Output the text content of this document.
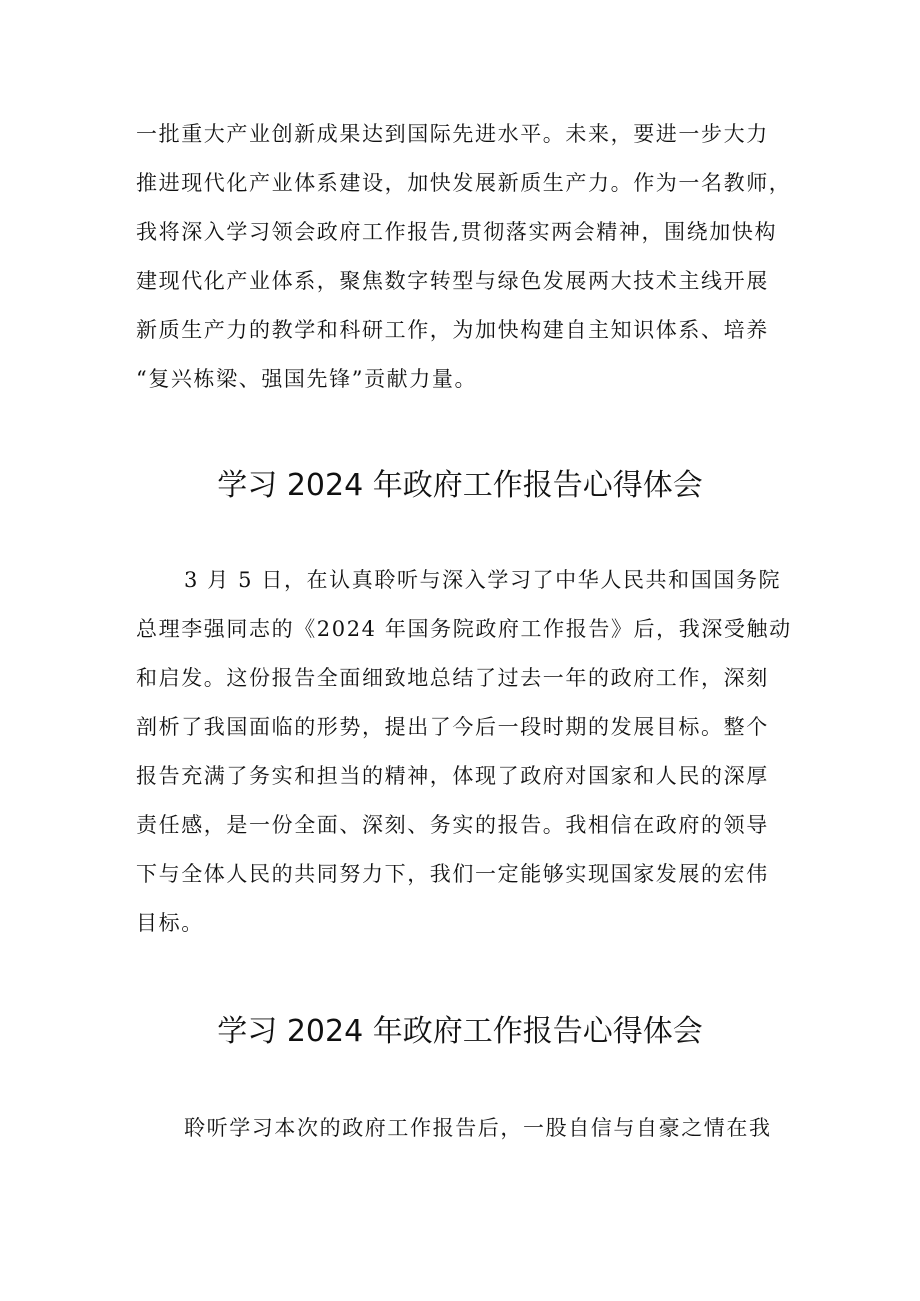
一批重大产业创新成果达到国际先进水平。未来，要进一步大力
推进现代化产业体系建设，加快发展新质生产力。作为一名教师，
我将深入学习领会政府工作报告,贯彻落实两会精神，围绕加快构
建现代化产业体系，聚焦数字转型与绿色发展两大技术主线开展
新质生产力的教学和科研工作，为加快构建自主知识体系、培养
“复兴栋梁、强国先锋”贡献力量。
学习 2024 年政府工作报告心得体会
3 月 5 日，在认真聆听与深入学习了中华人民共和国国务院
总理李强同志的《2024 年国务院政府工作报告》后，我深受触动
和启发。这份报告全面细致地总结了过去一年的政府工作，深刻
剖析了我国面临的形势，提出了今后一段时期的发展目标。整个
报告充满了务实和担当的精神，体现了政府对国家和人民的深厚
责任感，是一份全面、深刻、务实的报告。我相信在政府的领导
下与全体人民的共同努力下，我们一定能够实现国家发展的宏伟
目标。
学习 2024 年政府工作报告心得体会
聆听学习本次的政府工作报告后，一股自信与自豪之情在我
